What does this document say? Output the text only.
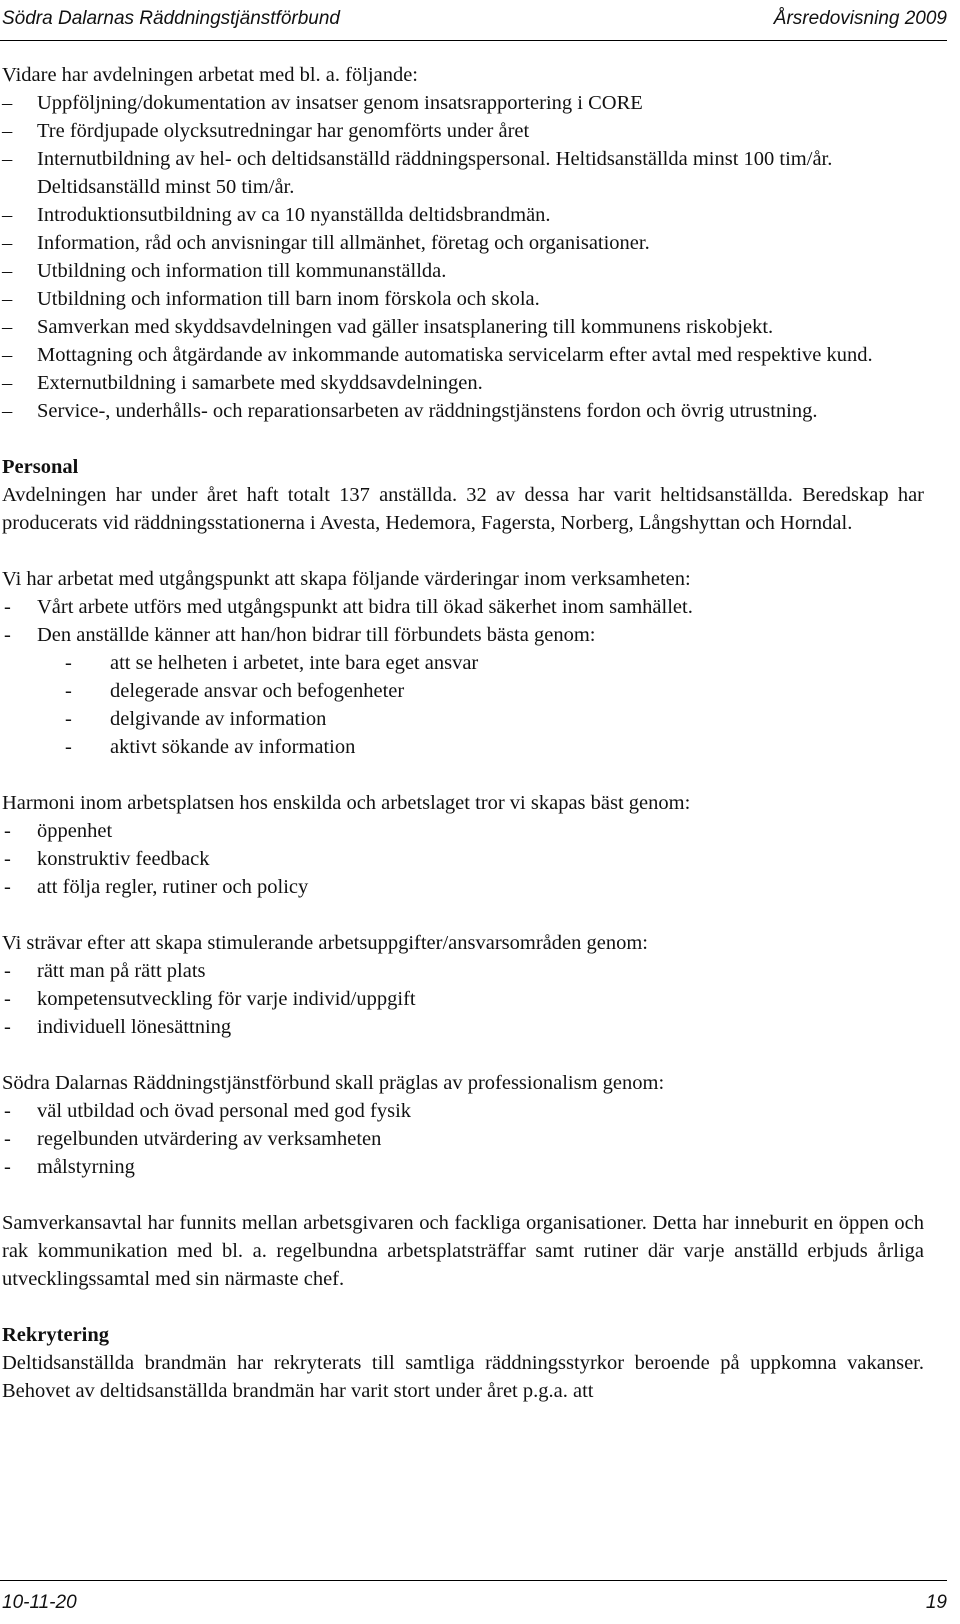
Södra Dalarnas Räddningstjänstförbund	Årsredovisning 2009

Vidare har avdelningen arbetat med bl. a. följande:

– Uppföljning/dokumentation av insatser genom insatsrapportering i CORE
– Tre fördjupade olycksutredningar har genomförts under året
– Internutbildning av hel- och deltidsanställd räddningspersonal. Heltidsanställda minst 100 tim/år. Deltidsanställd minst 50 tim/år.
– Introduktionsutbildning av ca 10 nyanställda deltidsbrandmän.
– Information, råd och anvisningar till allmänhet, företag och organisationer.
– Utbildning och information till kommunanställda.
– Utbildning och information till barn inom förskola och skola.
– Samverkan med skyddsavdelningen vad gäller insatsplanering till kommunens riskobjekt.
– Mottagning och åtgärdande av inkommande automatiska servicelarm efter avtal med respektive kund.
– Externutbildning i samarbete med skyddsavdelningen.
– Service-, underhålls- och reparationsarbeten av räddningstjänstens fordon och övrig utrustning.

Personal

Avdelningen har under året haft totalt 137 anställda. 32 av dessa har varit heltidsanställda. Beredskap har producerats vid räddningsstationerna i Avesta, Hedemora, Fagersta, Norberg, Långshyttan och Horndal.

Vi har arbetat med utgångspunkt att skapa följande värderingar inom verksamheten:

- Vårt arbete utförs med utgångspunkt att bidra till ökad säkerhet inom samhället.
- Den anställde känner att han/hon bidrar till förbundets bästa genom:
- att se helheten i arbetet, inte bara eget ansvar
- delegerade ansvar och befogenheter
- delgivande av information
- aktivt sökande av information

Harmoni inom arbetsplatsen hos enskilda och arbetslaget tror vi skapas bäst genom:

- öppenhet
- konstruktiv feedback
- att följa regler, rutiner och policy

Vi strävar efter att skapa stimulerande arbetsuppgifter/ansvarsområden genom:

- rätt man på rätt plats
- kompetensutveckling för varje individ/uppgift
- individuell lönesättning

Södra Dalarnas Räddningstjänstförbund skall präglas av professionalism genom:

- väl utbildad och övad personal med god fysik
- regelbunden utvärdering av verksamheten
- målstyrning

Samverkansavtal har funnits mellan arbetsgivaren och fackliga organisationer. Detta har inneburit en öppen och rak kommunikation med bl. a. regelbundna arbetsplatsträffar samt rutiner där varje anställd erbjuds årliga utvecklingssamtal med sin närmaste chef.

Rekrytering

Deltidsanställda brandmän har rekryterats till samtliga räddningsstyrkor beroende på uppkomna vakanser. Behovet av deltidsanställda brandmän har varit stort under året p.g.a. att

10-11-20	19
